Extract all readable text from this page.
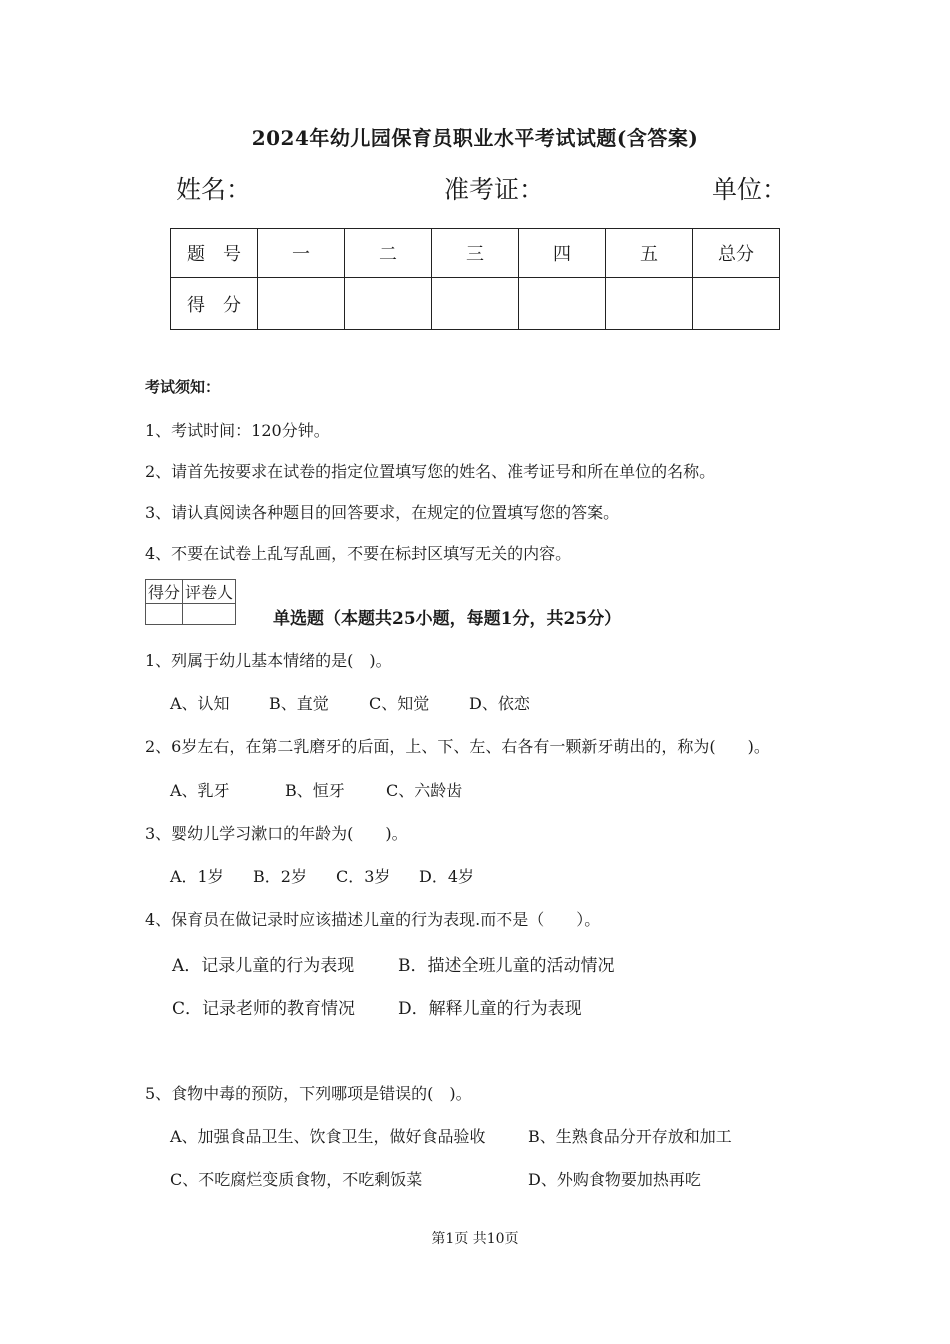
2024年幼儿园保育员职业水平考试试题(含答案)
姓名：	准考证：	单位：
题　号	一	二	三	四	五	总分
得　分						
考试须知：
1、考试时间：120分钟。
2、请首先按要求在试卷的指定位置填写您的姓名、准考证号和所在单位的名称。
3、请认真阅读各种题目的回答要求，在规定的位置填写您的答案。
4、不要在试卷上乱写乱画，不要在标封区填写无关的内容。
得分	评卷人

单选题（本题共25小题，每题1分，共25分）
1、列属于幼儿基本情绪的是(　)。
A、认知 B、直觉	C、知觉 D、依恋
2、6岁左右，在第二乳磨牙的后面，上、下、左、右各有一颗新牙萌出的，称为(　　)。
A、乳牙	B、恒牙	C、六龄齿
3、婴幼儿学习漱口的年龄为(　　)。
A．1岁 B．2岁 C．3岁 D．4岁
4、保育员在做记录时应该描述儿童的行为表现.而不是（　　）。
A．记录儿童的行为表现	B．描述全班儿童的活动情况
C．记录老师的教育情况	D．解释儿童的行为表现
5、食物中毒的预防，下列哪项是错误的(　)。
A、加强食品卫生、饮食卫生，做好食品验收	B、生熟食品分开存放和加工
C、不吃腐烂变质食物，不吃剩饭菜	D、外购食物要加热再吃
第1页 共10页
